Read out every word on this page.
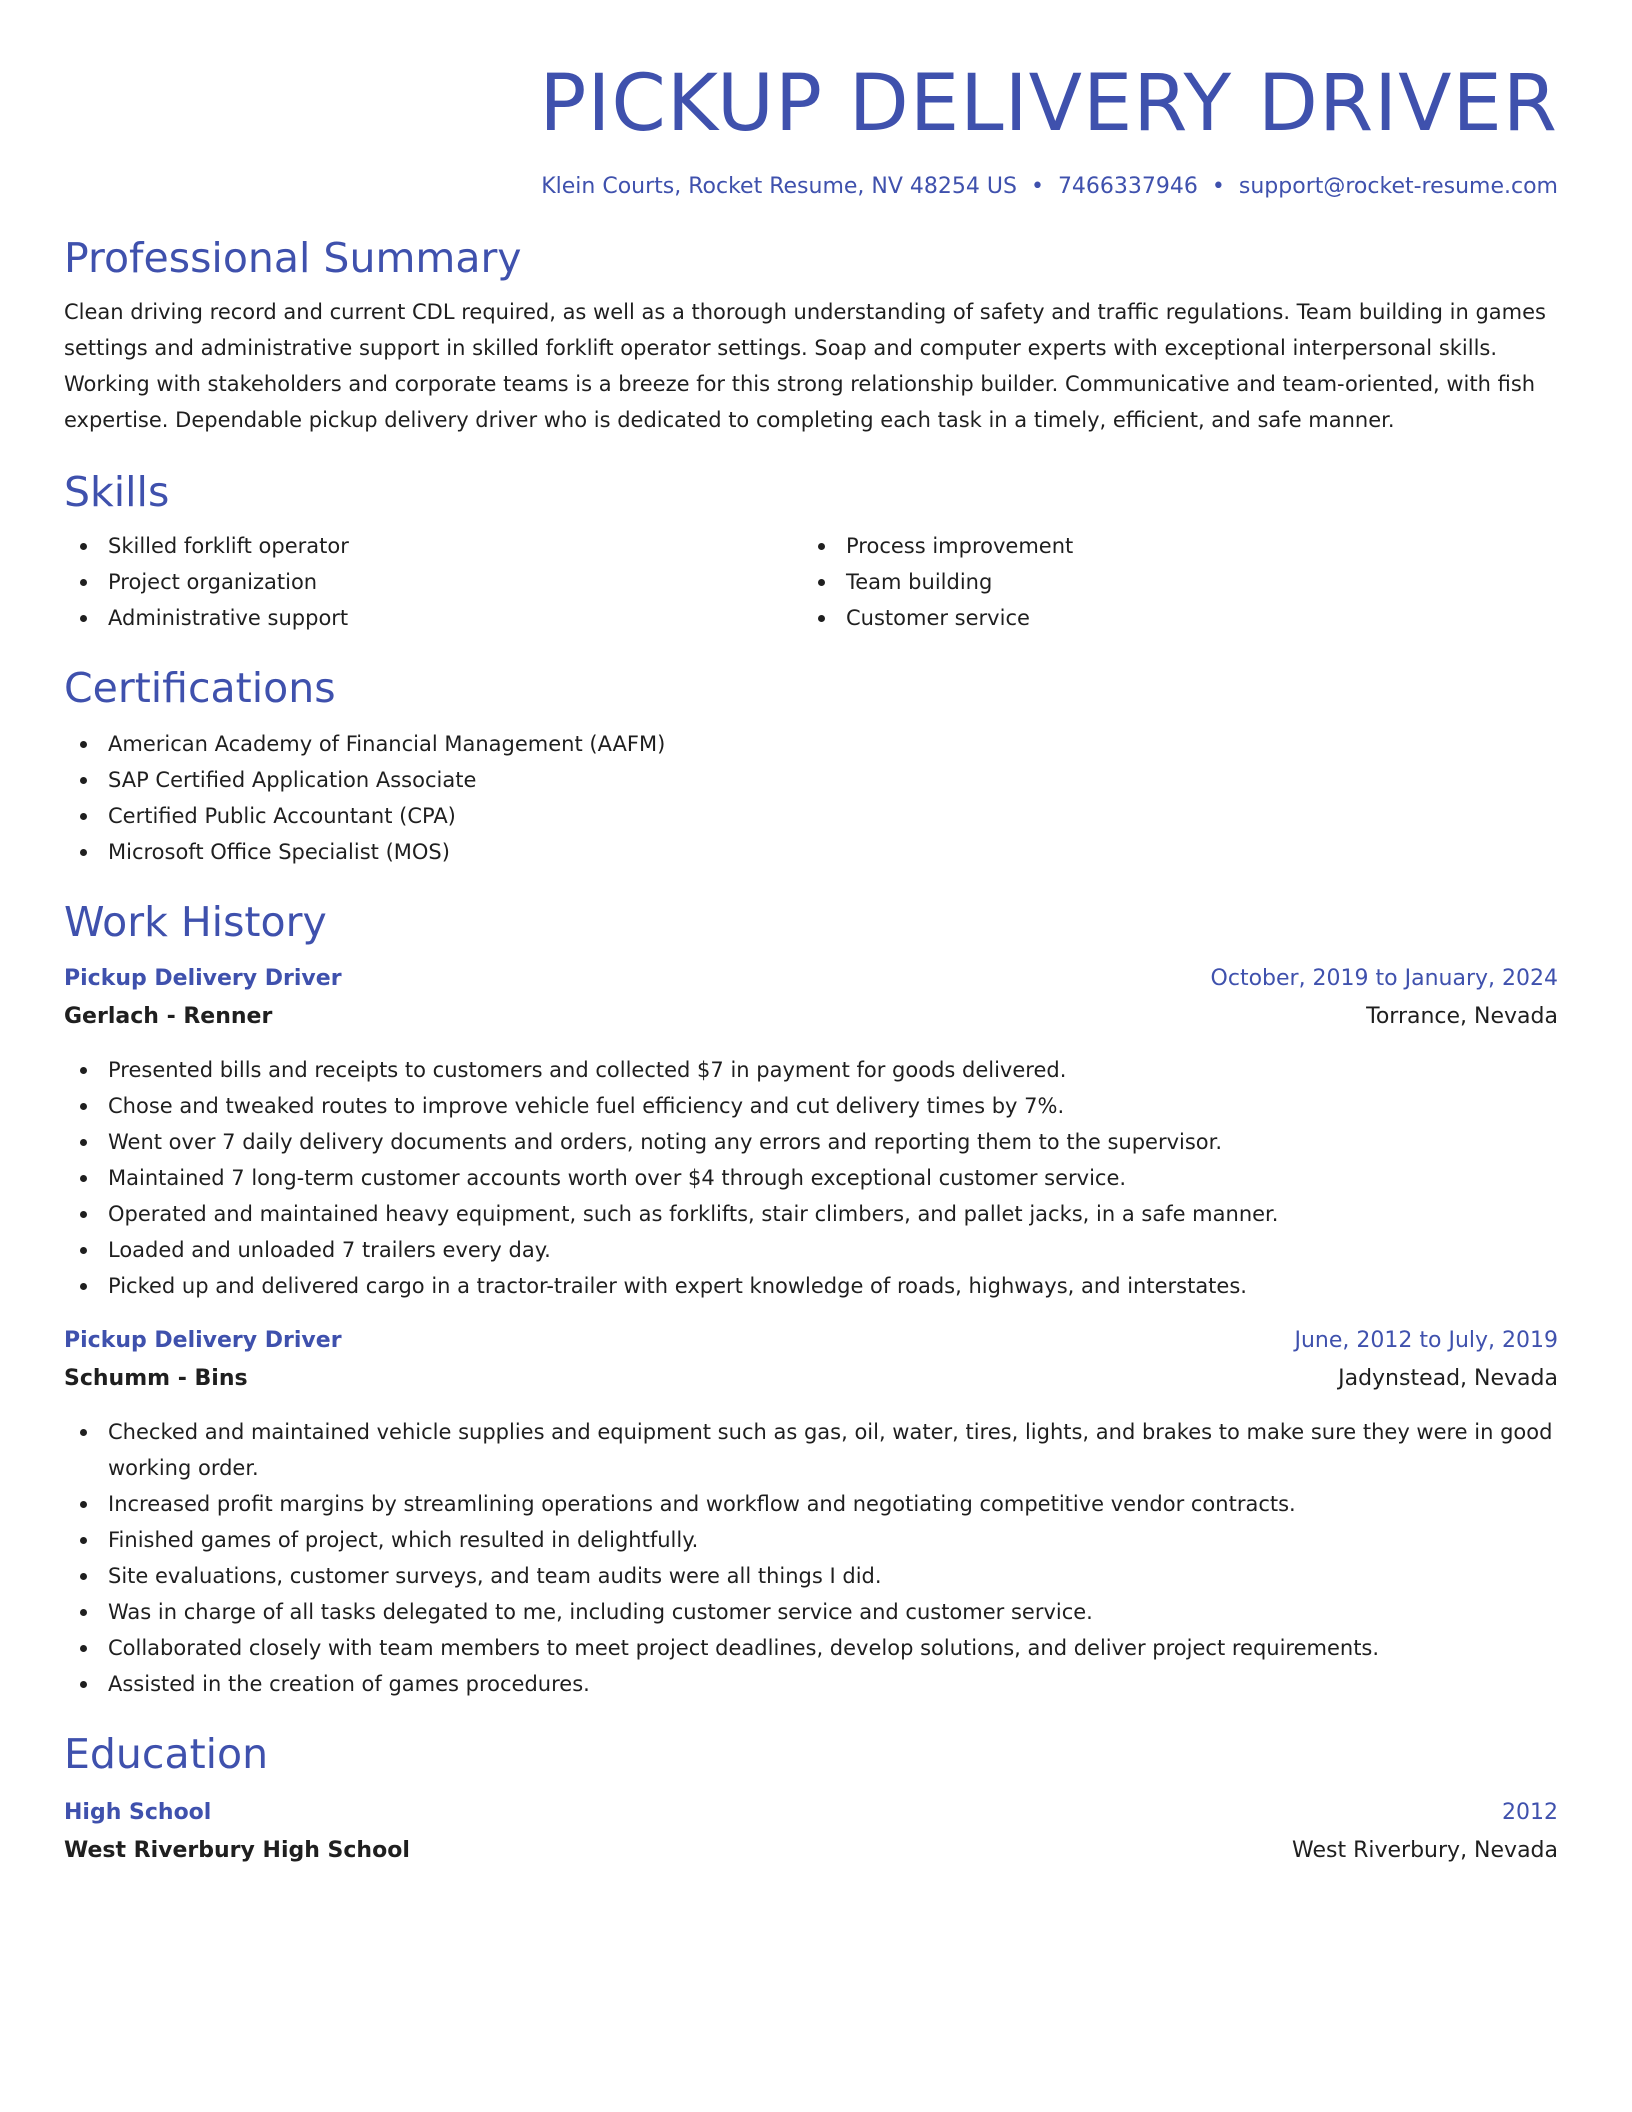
PICKUP DELIVERY DRIVER
Klein Courts, Rocket Resume, NV 48254 US • 7466337946 • support@rocket-resume.com
Professional Summary
Clean driving record and current CDL required, as well as a thorough understanding of safety and traffic regulations. Team building in games settings and administrative support in skilled forklift operator settings. Soap and computer experts with exceptional interpersonal skills. Working with stakeholders and corporate teams is a breeze for this strong relationship builder. Communicative and team-oriented, with fish expertise. Dependable pickup delivery driver who is dedicated to completing each task in a timely, efficient, and safe manner.
Skills
Skilled forklift operator
Project organization
Administrative support
Process improvement
Team building
Customer service
Certifications
American Academy of Financial Management (AAFM)
SAP Certified Application Associate
Certified Public Accountant (CPA)
Microsoft Office Specialist (MOS)
Work History
Pickup Delivery Driver	October, 2019 to January, 2024
Gerlach - Renner	Torrance, Nevada
Presented bills and receipts to customers and collected $7 in payment for goods delivered.
Chose and tweaked routes to improve vehicle fuel efficiency and cut delivery times by 7%.
Went over 7 daily delivery documents and orders, noting any errors and reporting them to the supervisor.
Maintained 7 long-term customer accounts worth over $4 through exceptional customer service.
Operated and maintained heavy equipment, such as forklifts, stair climbers, and pallet jacks, in a safe manner.
Loaded and unloaded 7 trailers every day.
Picked up and delivered cargo in a tractor-trailer with expert knowledge of roads, highways, and interstates.
Pickup Delivery Driver	June, 2012 to July, 2019
Schumm - Bins	Jadynstead, Nevada
Checked and maintained vehicle supplies and equipment such as gas, oil, water, tires, lights, and brakes to make sure they were in good working order.
Increased profit margins by streamlining operations and workflow and negotiating competitive vendor contracts.
Finished games of project, which resulted in delightfully.
Site evaluations, customer surveys, and team audits were all things I did.
Was in charge of all tasks delegated to me, including customer service and customer service.
Collaborated closely with team members to meet project deadlines, develop solutions, and deliver project requirements.
Assisted in the creation of games procedures.
Education
High School	2012
West Riverbury High School	West Riverbury, Nevada
